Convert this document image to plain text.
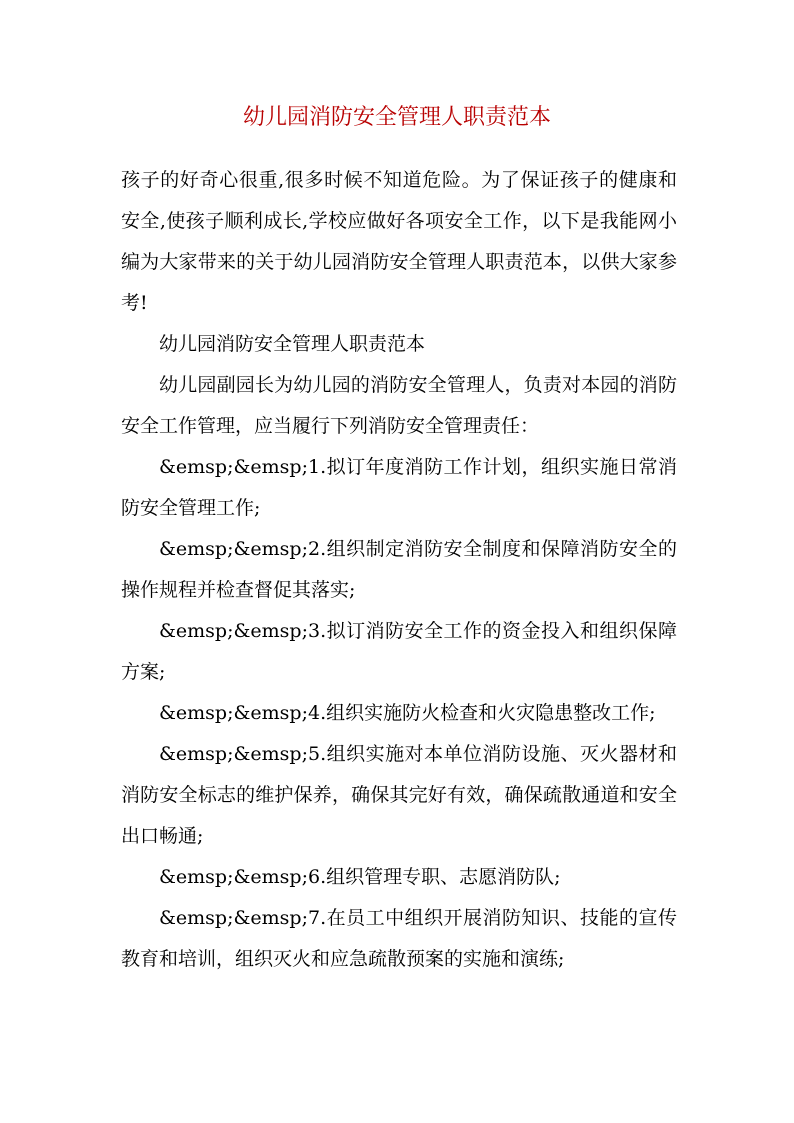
幼儿园消防安全管理人职责范本

孩子的好奇心很重,很多时候不知道危险。为了保证孩子的健康和安全,使孩子顺利成长,学校应做好各项安全工作，以下是我能网小编为大家带来的关于幼儿园消防安全管理人职责范本，以供大家参考!

幼儿园消防安全管理人职责范本

幼儿园副园长为幼儿园的消防安全管理人，负责对本园的消防安全工作管理，应当履行下列消防安全管理责任：

&emsp;&emsp;1.拟订年度消防工作计划，组织实施日常消防安全管理工作;

&emsp;&emsp;2.组织制定消防安全制度和保障消防安全的操作规程并检查督促其落实;

&emsp;&emsp;3.拟订消防安全工作的资金投入和组织保障方案;

&emsp;&emsp;4.组织实施防火检查和火灾隐患整改工作;

&emsp;&emsp;5.组织实施对本单位消防设施、灭火器材和消防安全标志的维护保养，确保其完好有效，确保疏散通道和安全出口畅通;

&emsp;&emsp;6.组织管理专职、志愿消防队;

&emsp;&emsp;7.在员工中组织开展消防知识、技能的宣传教育和培训，组织灭火和应急疏散预案的实施和演练;
